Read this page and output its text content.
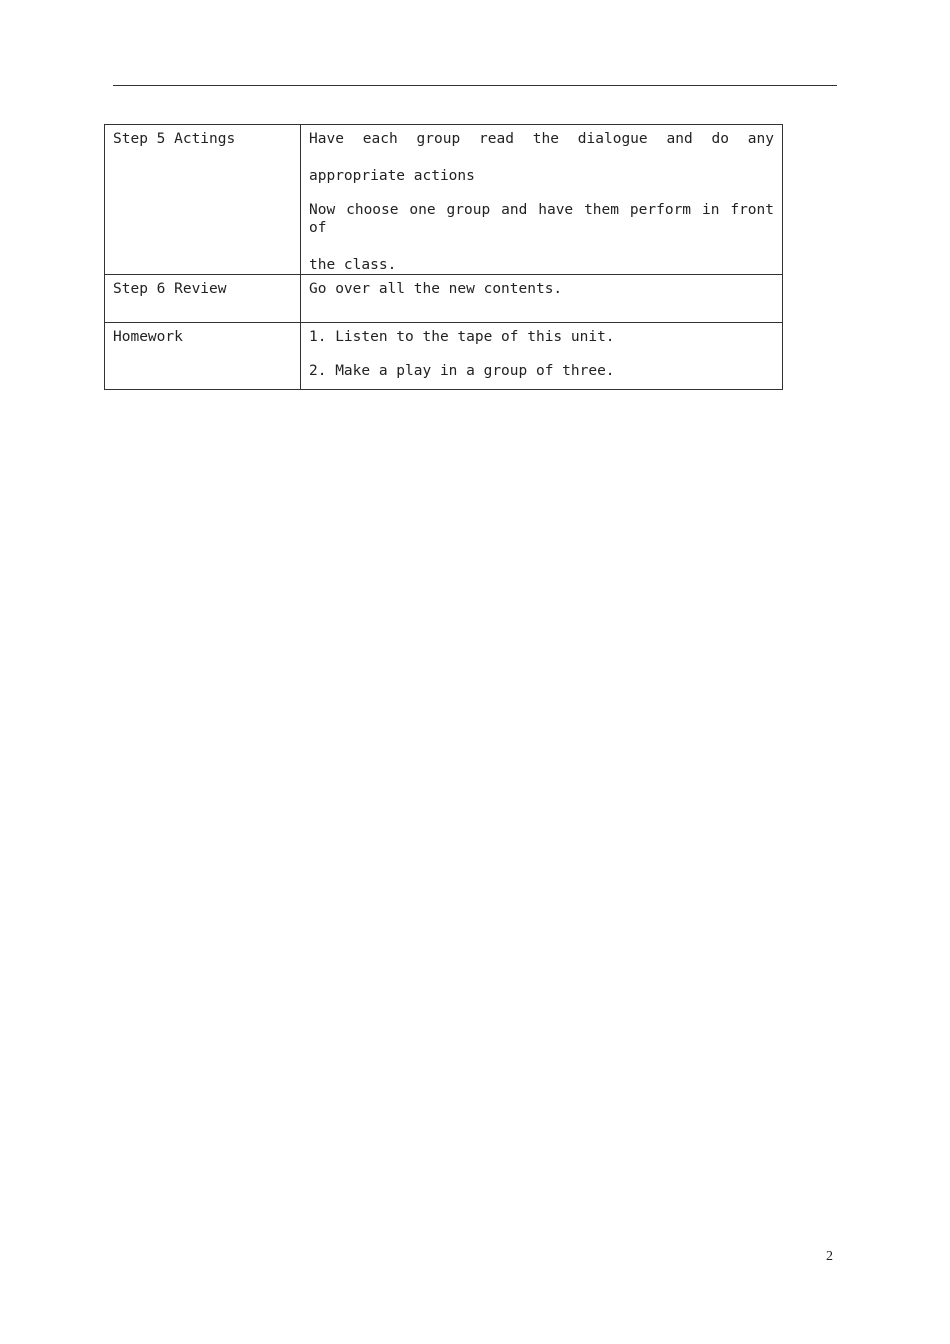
Step 5 Actings	Have each group read the dialogue and do any
appropriate actions
Now choose one group and have them perform in front of
the class.

Step 6 Review	Go over all the new contents.

Homework	1. Listen to the tape of this unit.
2. Make a play in a group of three.
2
